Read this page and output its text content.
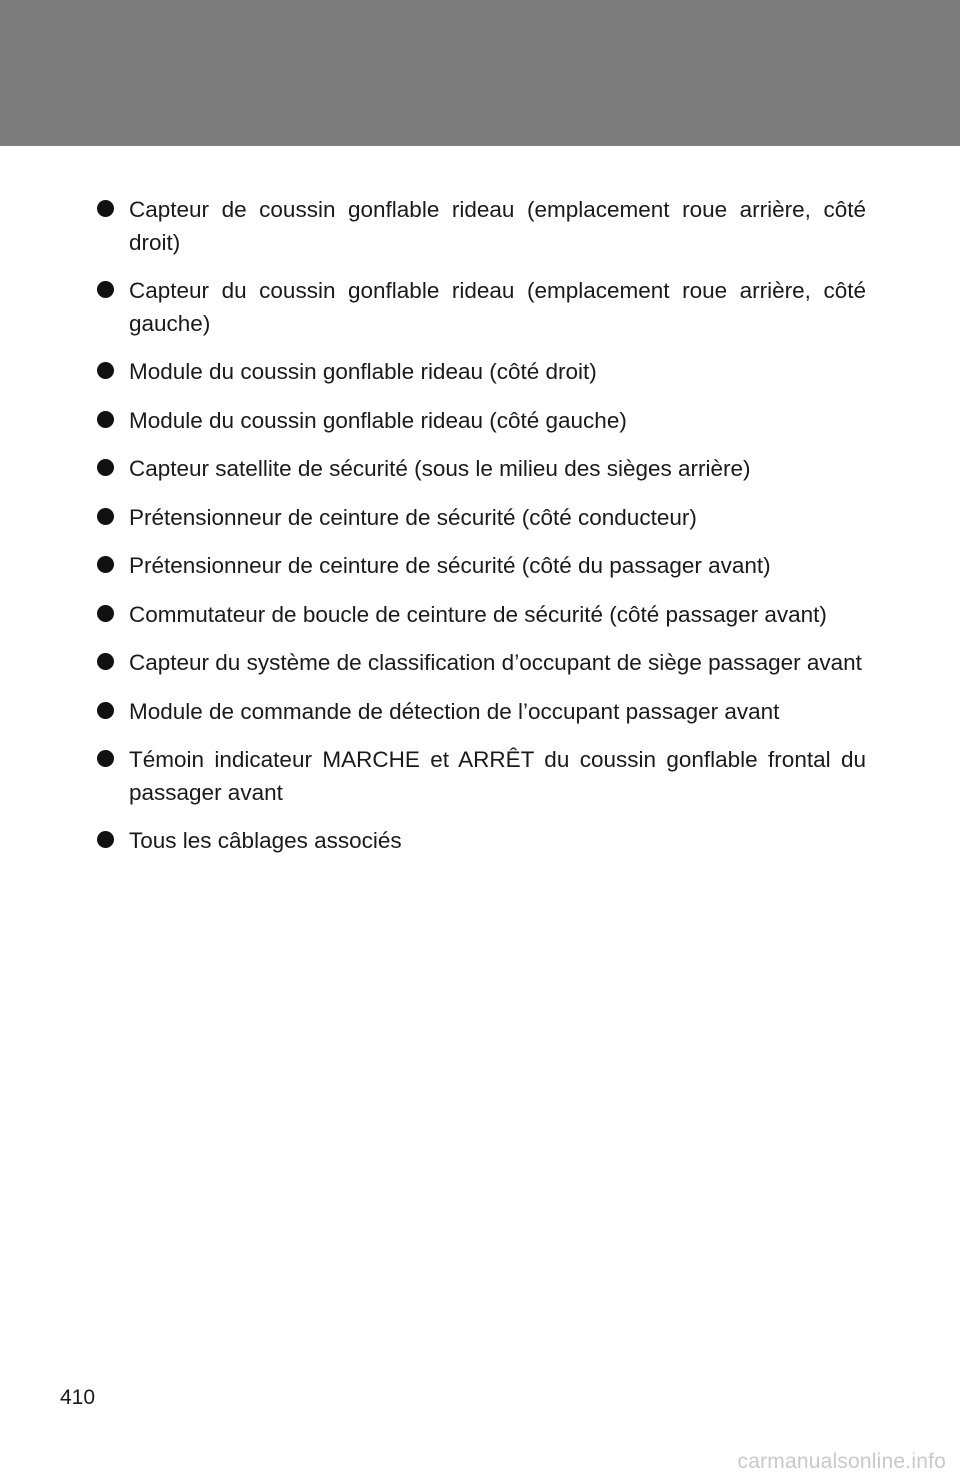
Capteur de coussin gonflable rideau (emplacement roue arrière, côté droit)
Capteur du coussin gonflable rideau (emplacement roue arrière, côté gauche)
Module du coussin gonflable rideau (côté droit)
Module du coussin gonflable rideau (côté gauche)
Capteur satellite de sécurité (sous le milieu des sièges arrière)
Prétensionneur de ceinture de sécurité (côté conducteur)
Prétensionneur de ceinture de sécurité (côté du passager avant)
Commutateur de boucle de ceinture de sécurité (côté passager avant)
Capteur du système de classification d’occupant de siège passager avant
Module de commande de détection de l’occupant passager avant
Témoin indicateur MARCHE et ARRÊT du coussin gonflable frontal du passager avant
Tous les câblages associés
410
carmanualsonline.info
